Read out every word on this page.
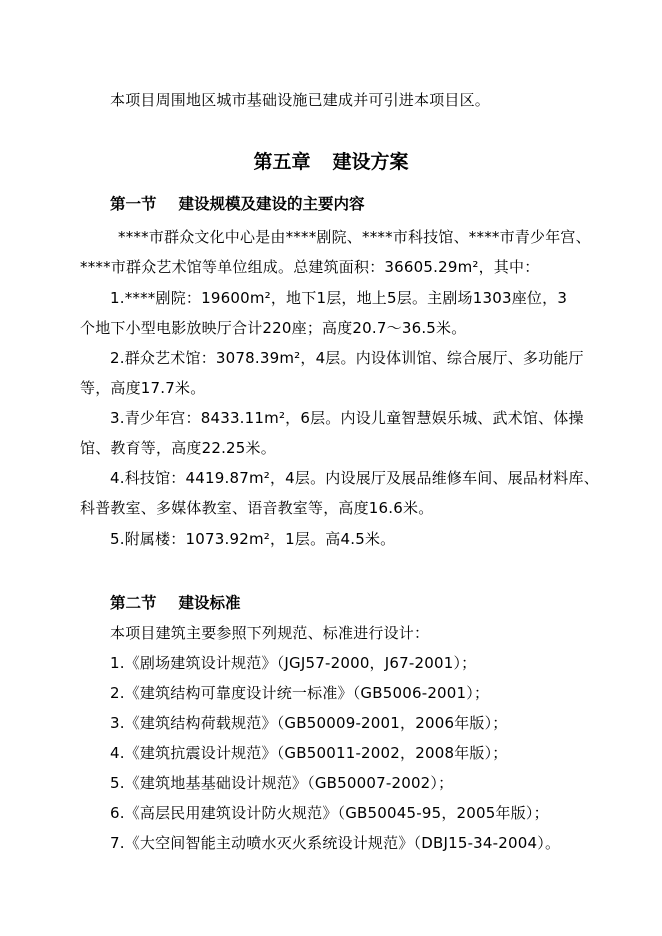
本项目周围地区城市基础设施已建成并可引进本项目区。
第五章 建设方案
第一节 建设规模及建设的主要内容
****市群众文化中心是由****剧院、****市科技馆、****市青少年宫、
****市群众艺术馆等单位组成。总建筑面积：36605.29m²，其中：
1.****剧院：19600m²，地下1层，地上5层。主剧场1303座位，3
个地下小型电影放映厅合计220座；高度20.7～36.5米。
2.群众艺术馆：3078.39m²，4层。内设体训馆、综合展厅、多功能厅
等，高度17.7米。
3.青少年宫：8433.11m²，6层。内设儿童智慧娱乐城、武术馆、体操
馆、教育等，高度22.25米。
4.科技馆：4419.87m²，4层。内设展厅及展品维修车间、展品材料库、
科普教室、多媒体教室、语音教室等，高度16.6米。
5.附属楼：1073.92m²，1层。高4.5米。
第二节 建设标准
本项目建筑主要参照下列规范、标准进行设计：
1.《剧场建筑设计规范》（JGJ57-2000，J67-2001）；
2.《建筑结构可靠度设计统一标准》（GB5006-2001）；
3.《建筑结构荷载规范》（GB50009-2001，2006年版）；
4.《建筑抗震设计规范》（GB50011-2002，2008年版）；
5.《建筑地基基础设计规范》（GB50007-2002）；
6.《高层民用建筑设计防火规范》（GB50045-95，2005年版）；
7.《大空间智能主动喷水灭火系统设计规范》（DBJ15-34-2004）。
